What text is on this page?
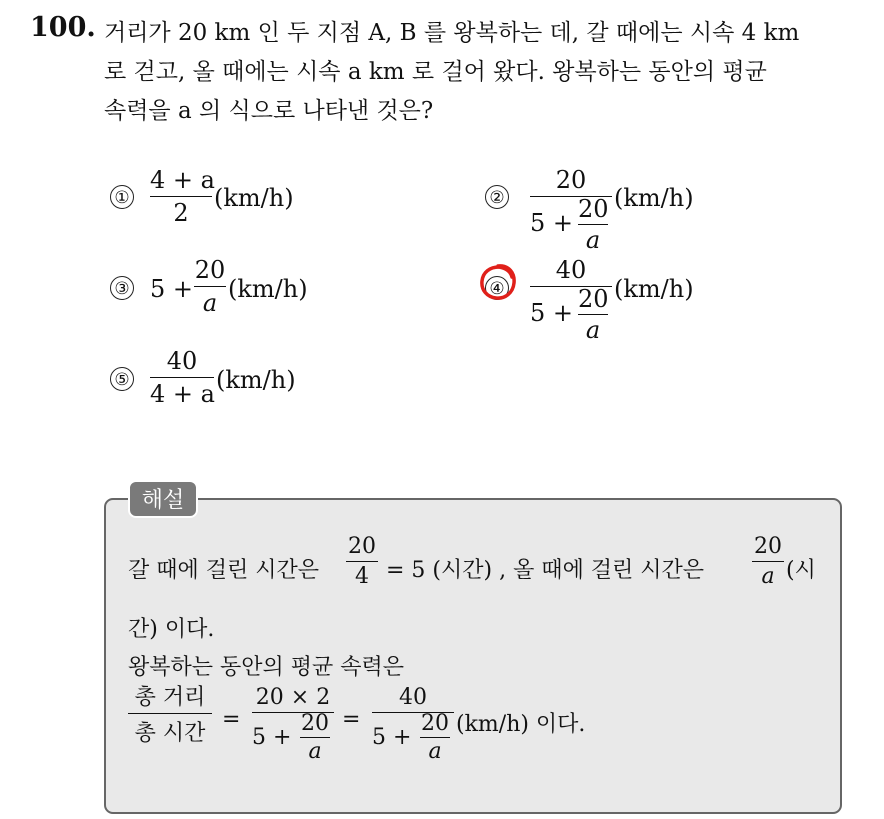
100. 거리가 20 km 인 두 지점 A, B 를 왕복하는 데, 갈 때에는 시속 4 km
로 걷고, 올 때에는 시속 a km 로 걸어 왔다. 왕복하는 동안의 평균
속력을 a 의 식으로 나타낸 것은?
①
4 + a
2
(km/h)	②
20
5 + 20
a
(km/h)
③ 5 +
20
a (km/h)	④
40
5 + 20
a
(km/h)
⑤
40
4 + a (km/h)
해설
갈 때에 걸린 시간은
20
4 = 5 (시간) , 올 때에 걸린 시간은
20
a (시
간) 이다.
왕복하는 동안의 평균 속력은
총 거리
총 시간
=
20 × 2
5 +
20
a
=
40
5 +
20
a
(km/h) 이다.
